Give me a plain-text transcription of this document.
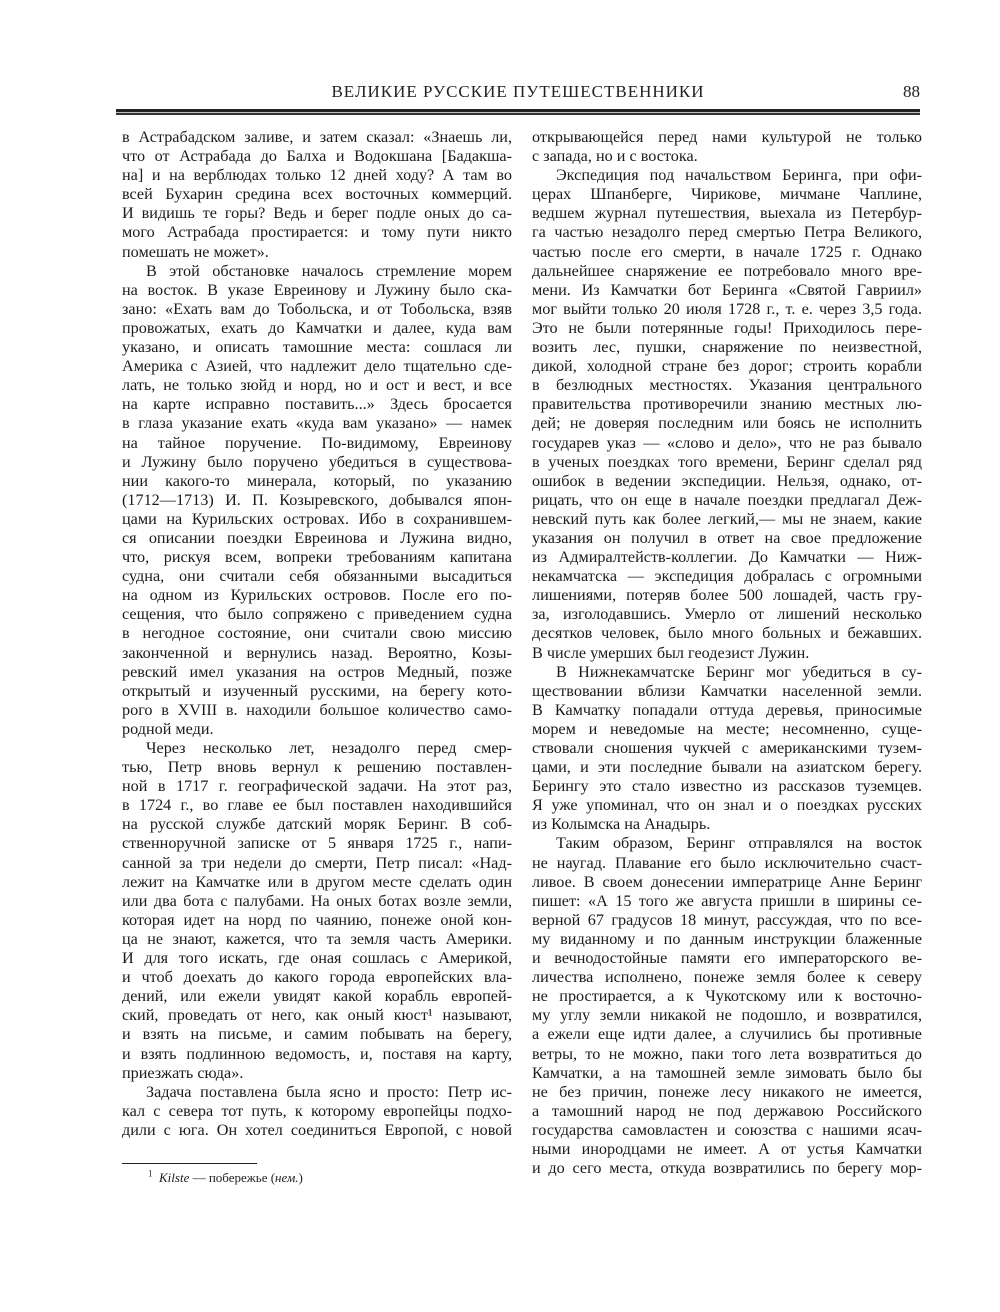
ВЕЛИКИЕ РУССКИЕ ПУТЕШЕСТВЕННИКИ	88
в Астрабадском заливе, и затем сказал: «Знаешь ли,
что от Астрабада до Балха и Водокшана [Бадакша-
на] и на верблюдах только 12 дней ходу? А там во
всей Бухарин средина всех восточных коммерций.
И видишь те горы? Ведь и берег подле оных до са-
мого Астрабада простирается: и тому пути никто
помешать не может».
В этой обстановке началось стремление морем
на восток. В указе Евреинову и Лужину было ска-
зано: «Ехать вам до Тобольска, и от Тобольска, взяв
провожатых, ехать до Камчатки и далее, куда вам
указано, и описать тамошние места: сошлася ли
Америка с Азией, что надлежит дело тщательно сде-
лать, не только зюйд и норд, но и ост и вест, и все
на карте исправно поставить...» Здесь бросается
в глаза указание ехать «куда вам указано» — намек
на тайное поручение. По-видимому, Евреинову
и Лужину было поручено убедиться в существова-
нии какого-то минерала, который, по указанию
(1712—1713) И. П. Козыревского, добывался япон-
цами на Курильских островах. Ибо в сохранившем-
ся описании поездки Евреинова и Лужина видно,
что, рискуя всем, вопреки требованиям капитана
судна, они считали себя обязанными высадиться
на одном из Курильских островов. После его по-
сещения, что было сопряжено с приведением судна
в негодное состояние, они считали свою миссию
законченной и вернулись назад. Вероятно, Козы-
ревский имел указания на остров Медный, позже
открытый и изученный русскими, на берегу кото-
рого в XVIII в. находили большое количество само-
родной меди.
Через несколько лет, незадолго перед смер-
тью, Петр вновь вернул к решению поставлен-
ной в 1717 г. географической задачи. На этот раз,
в 1724 г., во главе ее был поставлен находившийся
на русской службе датский моряк Беринг. В соб-
ственноручной записке от 5 января 1725 г., напи-
санной за три недели до смерти, Петр писал: «Над-
лежит на Камчатке или в другом месте сделать один
или два бота с палубами. На оных ботах возле земли,
которая идет на норд по чаянию, понеже оной кон-
ца не знают, кажется, что та земля часть Америки.
И для того искать, где оная сошлась с Америкой,
и чтоб доехать до какого города европейских вла-
дений, или ежели увидят какой корабль европей-
ский, проведать от него, как оный кюст¹ называют,
и взять на письме, и самим побывать на берегу,
и взять подлинною ведомость, и, поставя на карту,
приезжать сюда».
Задача поставлена была ясно и просто: Петр ис-
кал с севера тот путь, к которому европейцы подхо-
дили с юга. Он хотел соединиться Европой, с новой
открывающейся перед нами культурой не только
с запада, но и с востока.
Экспедиция под начальством Беринга, при офи-
церах Шпанберге, Чирикове, мичмане Чаплине,
ведшем журнал путешествия, выехала из Петербур-
га частью незадолго перед смертью Петра Великого,
частью после его смерти, в начале 1725 г. Однако
дальнейшее снаряжение ее потребовало много вре-
мени. Из Камчатки бот Беринга «Святой Гавриил»
мог выйти только 20 июля 1728 г., т. е. через 3,5 года.
Это не были потерянные годы! Приходилось пере-
возить лес, пушки, снаряжение по неизвестной,
дикой, холодной стране без дорог; строить корабли
в безлюдных местностях. Указания центрального
правительства противоречили знанию местных лю-
дей; не доверяя последним или боясь не исполнить
государев указ — «слово и дело», что не раз бывало
в ученых поездках того времени, Беринг сделал ряд
ошибок в ведении экспедиции. Нельзя, однако, от-
рицать, что он еще в начале поездки предлагал Деж-
невский путь как более легкий,— мы не знаем, какие
указания он получил в ответ на свое предложение
из Адмиралтейств-коллегии. До Камчатки — Ниж-
некамчатска — экспедиция добралась с огромными
лишениями, потеряв более 500 лошадей, часть гру-
за, изголодавшись. Умерло от лишений несколько
десятков человек, было много больных и бежавших.
В числе умерших был геодезист Лужин.
В Нижнекамчатске Беринг мог убедиться в су-
ществовании вблизи Камчатки населенной земли.
В Камчатку попадали оттуда деревья, приносимые
морем и неведомые на месте; несомненно, суще-
ствовали сношения чукчей с американскими тузем-
цами, и эти последние бывали на азиатском берегу.
Берингу это стало известно из рассказов туземцев.
Я уже упоминал, что он знал и о поездках русских
из Колымска на Анадырь.
Таким образом, Беринг отправлялся на восток
не наугад. Плавание его было исключительно счаст-
ливое. В своем донесении императрице Анне Беринг
пишет: «А 15 того же августа пришли в ширины се-
верной 67 градусов 18 минут, рассуждая, что по все-
му виданному и по данным инструкции блаженные
и вечнодостойные памяти его императорского ве-
личества исполнено, понеже земля более к северу
не простирается, а к Чукотскому или к восточно-
му углу земли никакой не подошло, и возвратился,
а ежели еще идти далее, а случились бы противные
ветры, то не можно, паки того лета возвратиться до
Камчатки, а на тамошней земле зимовать было бы
не без причин, понеже лесу никакого не имеется,
а тамошний народ не под державою Российского
государства самовластен и союзства с нашими ясач-
ными инородцами не имеет. А от устья Камчатки
и до сего места, откуда возвратились по берегу мор-
$^1$ Kilste — побережье (нем.)
